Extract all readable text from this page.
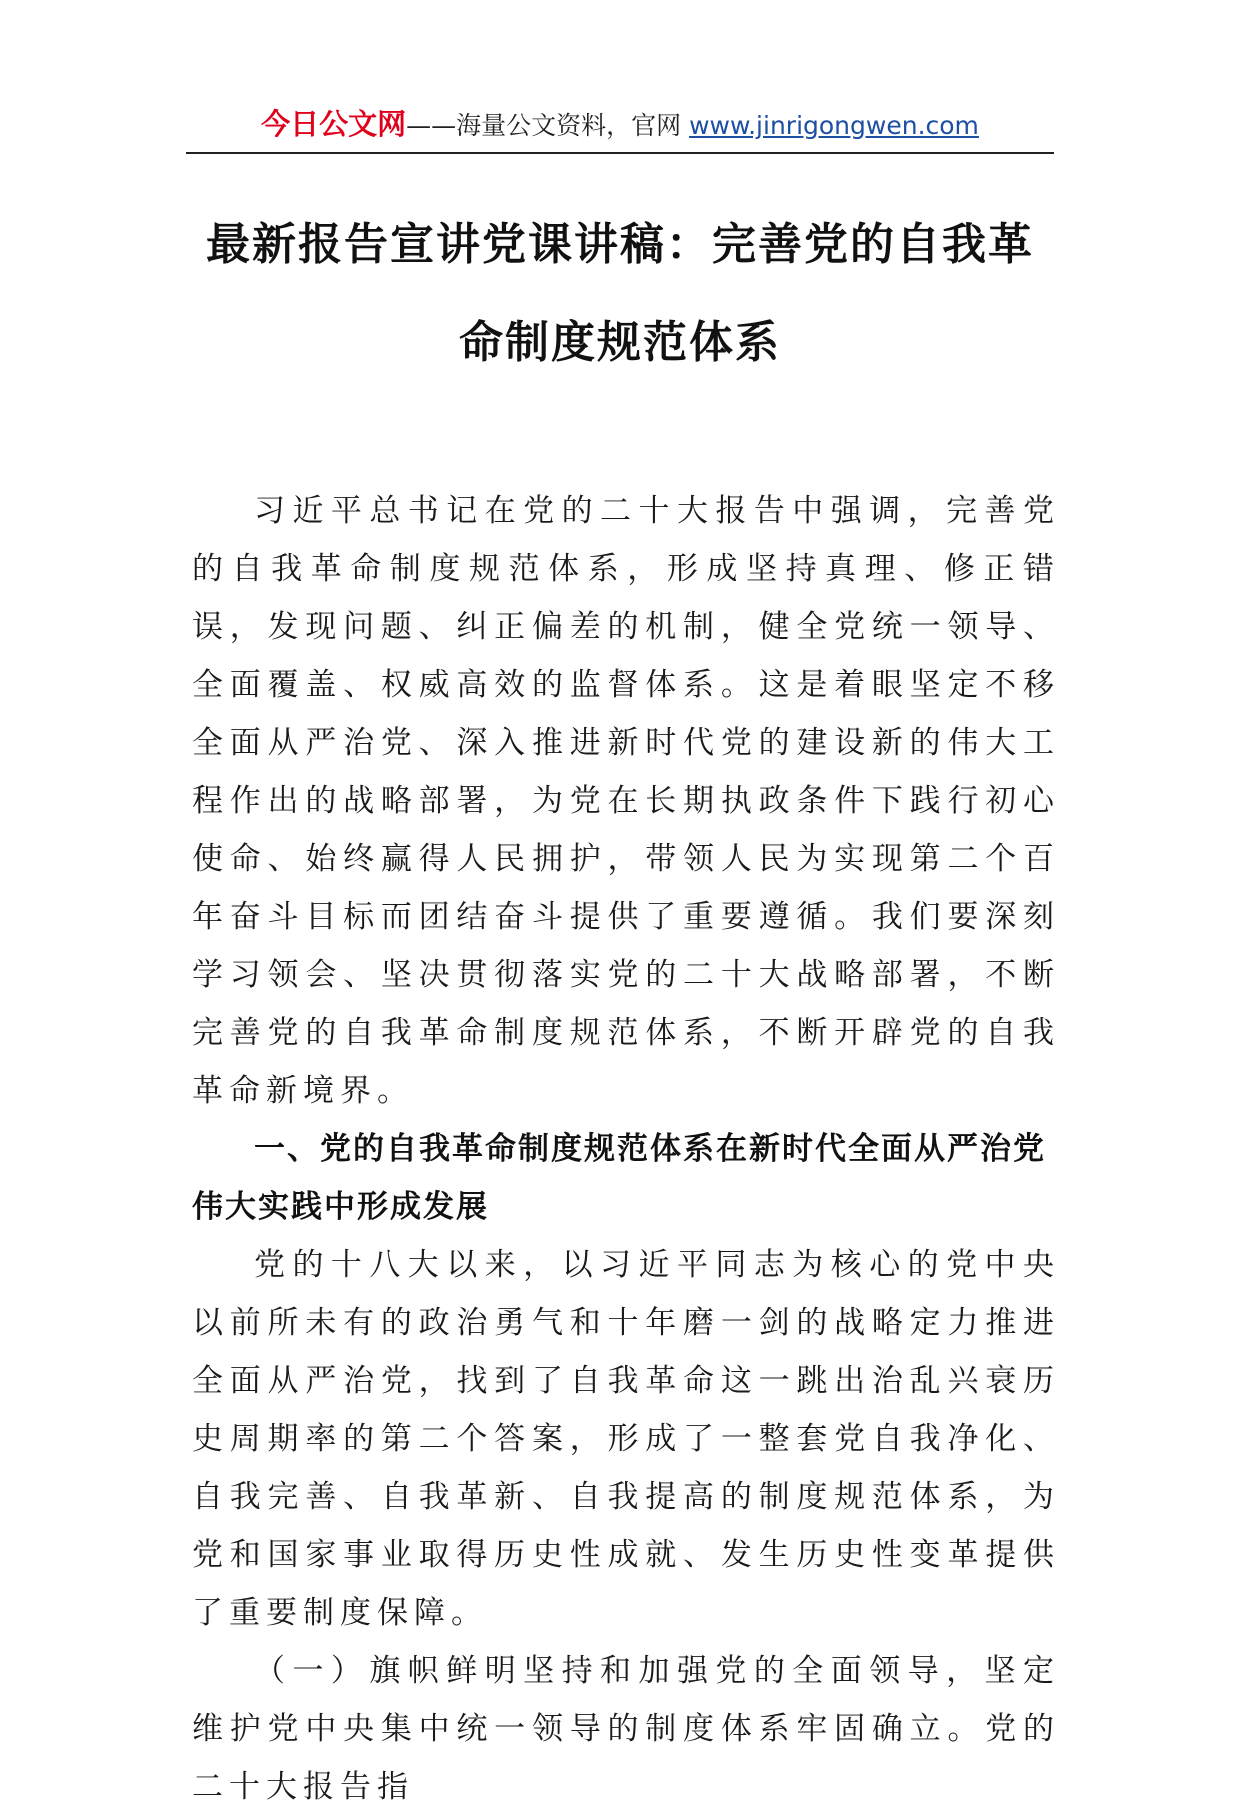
今日公文网——海量公文资料，官网 www.jinrigongwen.com
最新报告宣讲党课讲稿：完善党的自我革命制度规范体系

习近平总书记在党的二十大报告中强调，完善党的自我革命制度规范体系，形成坚持真理、修正错误，发现问题、纠正偏差的机制，健全党统一领导、全面覆盖、权威高效的监督体系。这是着眼坚定不移全面从严治党、深入推进新时代党的建设新的伟大工程作出的战略部署，为党在长期执政条件下践行初心使命、始终赢得人民拥护，带领人民为实现第二个百年奋斗目标而团结奋斗提供了重要遵循。我们要深刻学习领会、坚决贯彻落实党的二十大战略部署，不断完善党的自我革命制度规范体系，不断开辟党的自我革命新境界。

一、党的自我革命制度规范体系在新时代全面从严治党伟大实践中形成发展

党的十八大以来，以习近平同志为核心的党中央以前所未有的政治勇气和十年磨一剑的战略定力推进全面从严治党，找到了自我革命这一跳出治乱兴衰历史周期率的第二个答案，形成了一整套党自我净化、自我完善、自我革新、自我提高的制度规范体系，为党和国家事业取得历史性成就、发生历史性变革提供了重要制度保障。

（一）旗帜鲜明坚持和加强党的全面领导，坚定维护党中央集中统一领导的制度体系牢固确立。党的二十大报告指
